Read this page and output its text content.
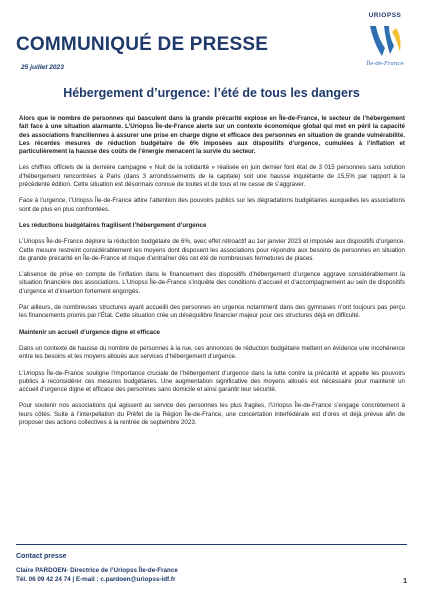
COMMUNIQUÉ DE PRESSE
25 juillet 2023
URIOPSS
Île-de-France
Hébergement d’urgence: l’été de tous les dangers

Alors que le nombre de personnes qui basculent dans la grande précarité explose en Île-de-France, le secteur de l’hébergement fait face à une situation alarmante. L’Uriopss Île-de-France alerte sur un contexte économique global qui met en péril la capacité des associations franciliennes à assurer une prise en charge digne et efficace des personnes en situation de grande vulnérabilité. Les récentes mesures de réduction budgétaire de 6% imposées aux dispositifs d’urgence, cumulées à l’inflation et particulièrement la hausse des coûts de l’énergie menacent la survie du secteur.

Les chiffres officiels de la dernière campagne « Nuit de la solidarité » réalisée en juin dernier font état de 3 015 personnes sans solution d’hébergement rencontrées à Paris (dans 3 arrondissements de la capitale) soit une hausse inquiétante de 15,5% par rapport à la précédente édition. Cette situation est désormais connue de toutes et de tous et ne cesse de s’aggraver.

Face à l’urgence, l’Uriopss Île-de-France attire l’attention des pouvoirs publics sur les dégradations budgétaires auxquelles les associations sont de plus en plus confrontées.

Les réductions budgétaires fragilisent l’hébergement d’urgence

L’Uriopss Île-de-France déplore la réduction budgétaire de 6%, avec effet rétroactif au 1er janvier 2023 et imposée aux dispositifs d’urgence. Cette mesure restreint considérablement les moyens dont disposent les associations pour répondre aux besoins de personnes en situation de grande précarité en Île-de-France et risque d’entraîner dès cet été de nombreuses fermetures de places.

L’absence de prise en compte de l’inflation dans le financement des dispositifs d’hébergement d’urgence aggrave considérablement la situation financière des associations. L’Uriopss Île-de-France s’inquiète des conditions d’accueil et d’accompagnement au sein de dispositifs d’urgence et d’insertion fortement engorgés.

Par ailleurs, de nombreuses structures ayant accueilli des personnes en urgence notamment dans des gymnases n’ont toujours pas perçu les financements promis par l’État. Cette situation crée un déséquilibre financier majeur pour ces structures déjà en difficulté.

Maintenir un accueil d’urgence digne et efficace

Dans un contexte de hausse du nombre de personnes à la rue, ces annonces de réduction budgétaire mettent en évidence une incohérence entre les besoins et les moyens alloués aux services d’hébergement d’urgence.

L’Uriopss Île-de-France souligne l’importance cruciale de l’hébergement d’urgence dans la lutte contre la précarité et appelle les pouvoirs publics à reconsidérer ces mesures budgétaires. Une augmentation significative des moyens alloués est nécessaire pour maintenir un accueil d’urgence digne et efficace des personnes sans domicile et ainsi garantir leur sécurité.

Pour soutenir nos associations qui agissent au service des personnes les plus fragiles, l’Uriopss Île-de-France s’engage concrètement à leurs côtés. Suite à l’interpellation du Préfet de la Région Île-de-France, une concertation interfédérale est d’ores et déjà prévue afin de proposer des actions collectives à la rentrée de septembre 2023.

Contact presse
Claire PARDOEN- Directrice de l’Uriopss Île-de-France
Tél. 06 09 42 24 74 | E-mail : c.pardoen@uriopss-idf.fr	1
